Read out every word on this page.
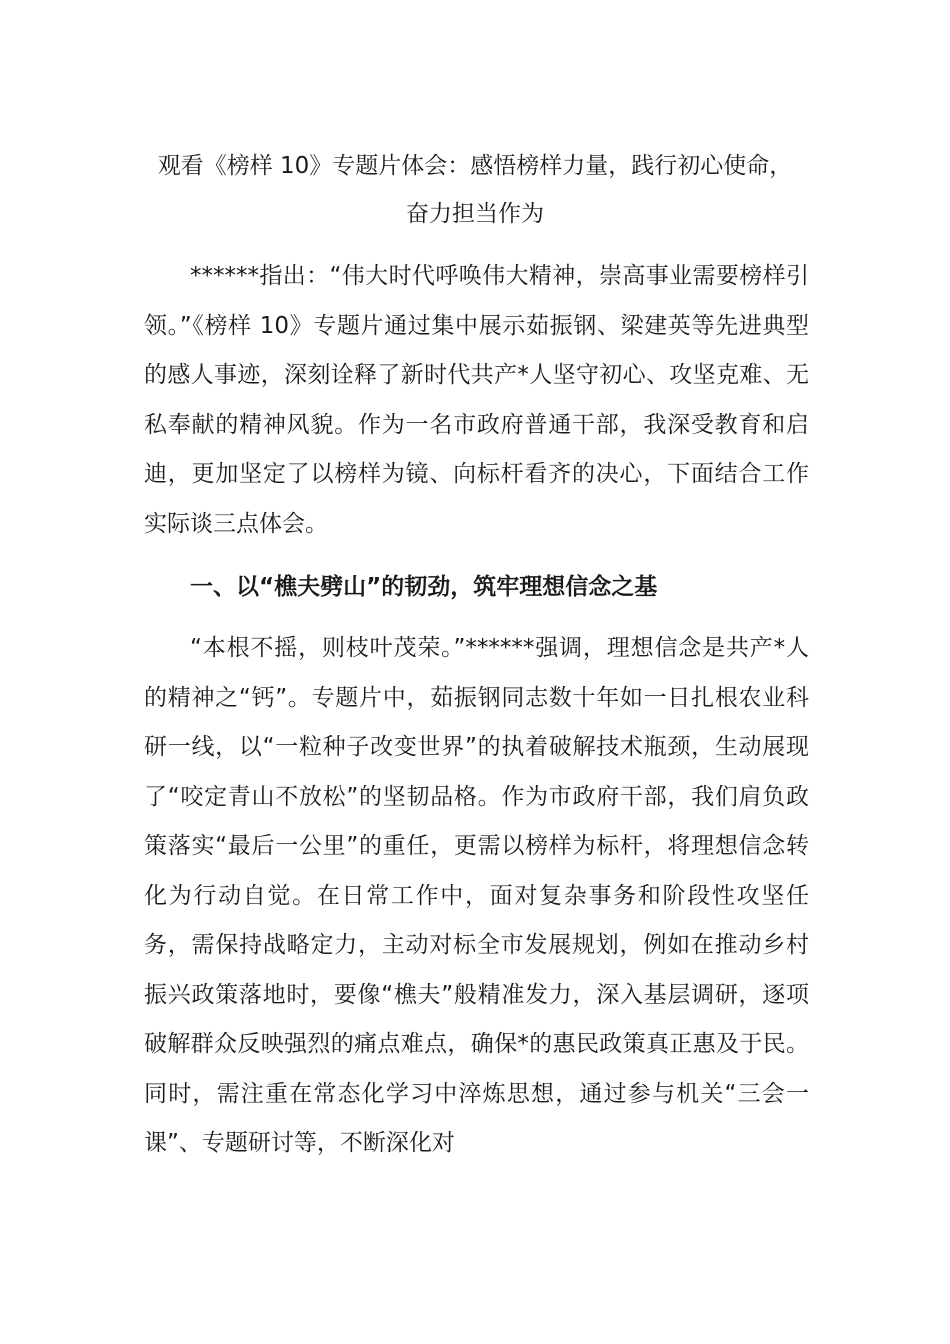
观看《榜样 10》专题片体会：感悟榜样力量，践行初心使命，
奋力担当作为

******指出：“伟大时代呼唤伟大精神，崇高事业需要榜样引领。”《榜样 10》专题片通过集中展示茹振钢、梁建英等先进典型的感人事迹，深刻诠释了新时代共产*人坚守初心、攻坚克难、无私奉献的精神风貌。作为一名市政府普通干部，我深受教育和启迪，更加坚定了以榜样为镜、向标杆看齐的决心，下面结合工作实际谈三点体会。

一、以“樵夫劈山”的韧劲，筑牢理想信念之基

“本根不摇，则枝叶茂荣。”******强调，理想信念是共产*人的精神之“钙”。专题片中，茹振钢同志数十年如一日扎根农业科研一线，以“一粒种子改变世界”的执着破解技术瓶颈，生动展现了“咬定青山不放松”的坚韧品格。作为市政府干部，我们肩负政策落实“最后一公里”的重任，更需以榜样为标杆，将理想信念转化为行动自觉。在日常工作中，面对复杂事务和阶段性攻坚任务，需保持战略定力，主动对标全市发展规划，例如在推动乡村振兴政策落地时，要像“樵夫”般精准发力，深入基层调研，逐项破解群众反映强烈的痛点难点，确保*的惠民政策真正惠及于民。同时，需注重在常态化学习中淬炼思想，通过参与机关“三会一课”、专题研讨等，不断深化对
